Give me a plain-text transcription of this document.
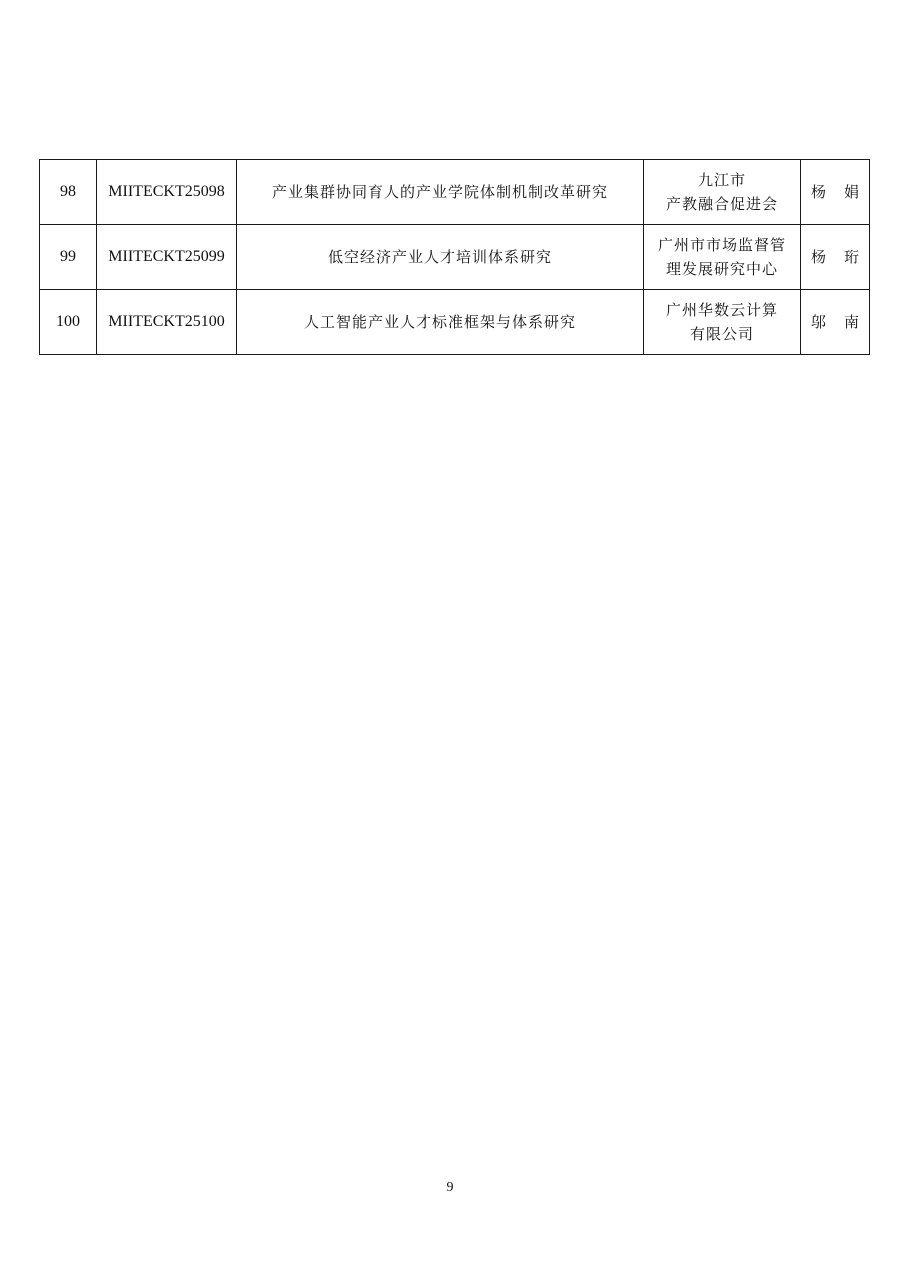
98	MIITECKT25098	产业集群协同育人的产业学院体制机制改革研究	九江市
产教融合促进会	杨 娟

99	MIITECKT25099	低空经济产业人才培训体系研究	广州市市场监督管
理发展研究中心	杨 珩

100	MIITECKT25100	人工智能产业人才标准框架与体系研究	广州华数云计算
有限公司	邬 南
9
